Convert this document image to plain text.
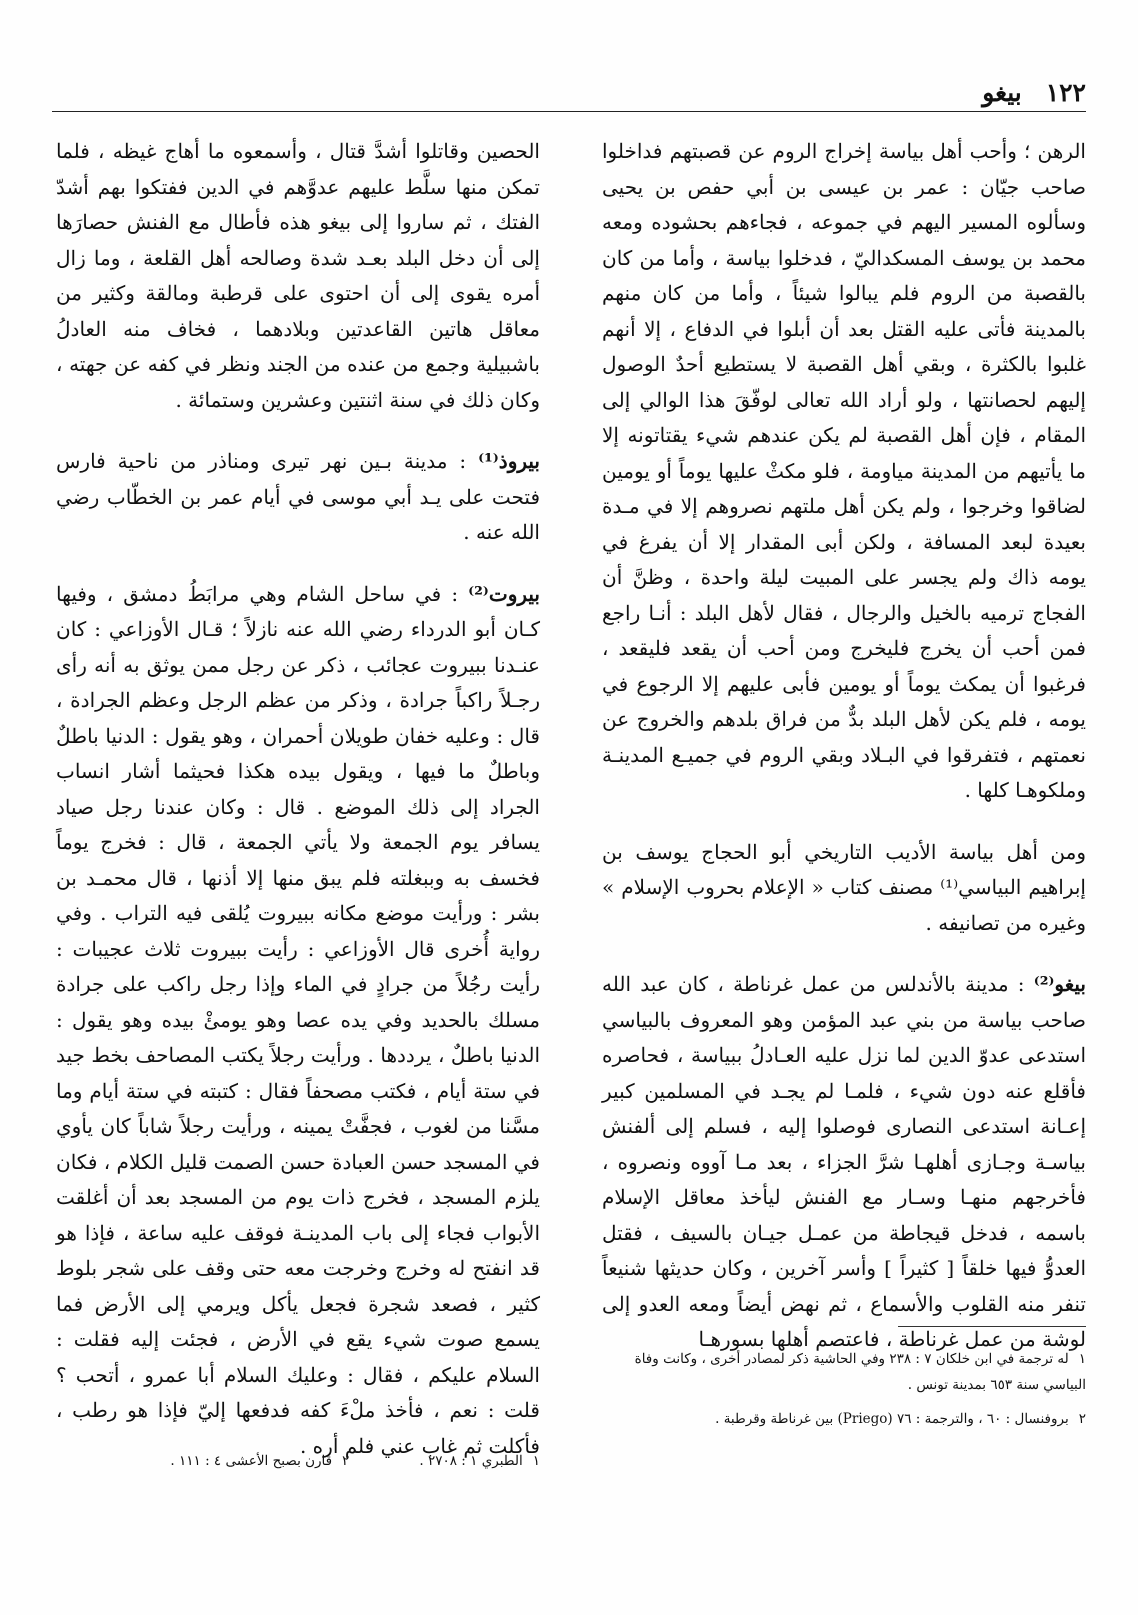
١٢٢
بيغو

الرهن ؛ وأحب أهل بياسة إخراج الروم عن قصبتهم فداخلوا صاحب جيّان : عمر بن عيسى بن أبي حفص بن يحيى وسألوه المسير اليهم في جموعه ، فجاءهم بحشوده ومعه محمد بن يوسف المسكداليّ ، فدخلوا بياسة ، وأما من كان بالقصبة من الروم فلم يبالوا شيئاً ، وأما من كان منهم بالمدينة فأتى عليه القتل بعد أن أبلوا في الدفاع ، إلا أنهم غلبوا بالكثرة ، وبقي أهل القصبة لا يستطيع أحدٌ الوصول إليهم لحصانتها ، ولو أراد الله تعالى لوفّقَ هذا الوالي إلى المقام ، فإن أهل القصبة لم يكن عندهم شيء يقتاتونه إلا ما يأتيهم من المدينة مياومة ، فلو مكثْ عليها يوماً أو يومين لضاقوا وخرجوا ، ولم يكن أهل ملتهم نصروهم إلا في مـدة بعيدة لبعد المسافة ، ولكن أبى المقدار إلا أن يفرغ في يومه ذاك ولم يجسر على المبيت ليلة واحدة ، وظنَّ أن الفجاج ترميه بالخيل والرجال ، فقال لأهل البلد : أنـا راجع فمن أحب أن يخرج فليخرج ومن أحب أن يقعد فليقعد ، فرغبوا أن يمكث يوماً أو يومين فأبى عليهم إلا الرجوع في يومه ، فلم يكن لأهل البلد بدٌّ من فراق بلدهم والخروج عن نعمتهم ، فتفرقوا في البـلاد وبقي الروم في جميـع المدينـة وملكوهـا كلها .

ومن أهل بياسة الأديب التاريخي أبو الحجاج يوسف بن إبراهيم البياسي⁽¹⁾ مصنف كتاب « الإعلام بحروب الإسلام » وغيره من تصانيفه .

بيغو⁽²⁾ : مدينة بالأندلس من عمل غرناطة ، كان عبد الله صاحب بياسة من بني عبد المؤمن وهو المعروف بالبياسي استدعى عدوّ الدين لما نزل عليه العـادلُ ببياسة ، فحاصره فأقلع عنه دون شيء ، فلمـا لم يجـد في المسلمين كبير إعـانة استدعى النصارى فوصلوا إليه ، فسلم إلى ألفنش بياسـة وجـازى أهلهـا شرَّ الجزاء ، بعد مـا آووه ونصروه ، فأخرجهم منهـا وسـار مع الفنش ليأخذ معاقل الإسلام باسمه ، فدخل قيجاطة من عمـل جيـان بالسيف ، فقتل العدوُّ فيها خلقاً [ كثيراً ] وأسر آخرين ، وكان حديثها شنيعاً تنفر منه القلوب والأسماع ، ثم نهض أيضاً ومعه العدو إلى لوشة من عمل غرناطة ، فاعتصم أهلها بسورهـا

الحصين وقاتلوا أشدَّ قتال ، وأسمعوه ما أهاج غيظه ، فلما تمكن منها سلَّط عليهم عدوَّهم في الدين ففتكوا بهم أشدّ الفتك ، ثم ساروا إلى بيغو هذه فأطال مع الفنش حصارَها إلى أن دخل البلد بعـد شدة وصالحه أهل القلعة ، وما زال أمره يقوى إلى أن احتوى على قرطبة ومالقة وكثير من معاقل هاتين القاعدتين وبلادهما ، فخاف منه العادلُ باشبيلية وجمع من عنده من الجند ونظر في كفه عن جهته ، وكان ذلك في سنة اثنتين وعشرين وستمائة .

بيروذ⁽¹⁾ : مدينة بـين نهر تيرى ومناذر من ناحية فارس فتحت على يـد أبي موسى في أيام عمر بن الخطّاب رضي الله عنه .

بيروت⁽²⁾ : في ساحل الشام وهي مرابَطُ دمشق ، وفيها كـان أبو الدرداء رضي الله عنه نازلاً ؛ قـال الأوزاعي : كان عنـدنا ببيروت عجائب ، ذكر عن رجل ممن يوثق به أنه رأى رجـلاً راكباً جرادة ، وذكر من عظم الرجل وعظم الجرادة ، قال : وعليه خفان طويلان أحمران ، وهو يقول : الدنيا باطلٌ وباطلٌ ما فيها ، ويقول بيده هكذا فحيثما أشار انساب الجراد إلى ذلك الموضع . قال : وكان عندنا رجل صياد يسافر يوم الجمعة ولا يأتي الجمعة ، قال : فخرج يوماً فخسف به وببغلته فلم يبق منها إلا أذنها ، قال محمـد بن بشر : ورأيت موضع مكانه ببيروت يُلقى فيه التراب . وفي رواية أُخرى قال الأوزاعي : رأيت ببيروت ثلاث عجيبات : رأيت رجُلاً من جرادٍ في الماء وإذا رجل راكب على جرادة مسلك بالحديد وفي يده عصا وهو يومئْ بيده وهو يقول : الدنيا باطلٌ ، يرددها . ورأيت رجلاً يكتب المصاحف بخط جيد في ستة أيام ، فكتب مصحفاً فقال : كتبته في ستة أيام وما مسَّنا من لغوب ، فجفَّتْ يمينه ، ورأيت رجلاً شاباً كان يأوي في المسجد حسن العبادة حسن الصمت قليل الكلام ، فكان يلزم المسجد ، فخرج ذات يوم من المسجد بعد أن أغلقت الأبواب فجاء إلى باب المدينـة فوقف عليه ساعة ، فإذا هو قد انفتح له وخرج وخرجت معه حتى وقف على شجر بلوط كثير ، فصعد شجرة فجعل يأكل ويرمي إلى الأرض فما يسمع صوت شيء يقع في الأرض ، فجئت إليه فقلت : السلام عليكم ، فقال : وعليك السلام أبا عمرو ، أتحب ؟ قلت : نعم ، فأخذ ملْءَ كفه فدفعها إليّ فإذا هو رطب ، فأكلت ثم غاب عني فلم أره .

١له ترجمة في ابن خلكان ٧ : ٢٣٨ وفي الحاشية ذكر لمصادر أخرى ، وكانت وفاة البياسي سنة ٦٥٣ بمدينة تونس .

٢بروفنسال : ٦٠ ، والترجمة : ٧٦ (Priego) بين غرناطة وقرطبة .

١الطبري ١ : ٢٧٠٨ .
٢قارن بصبح الأعشى ٤ : ١١١ .
